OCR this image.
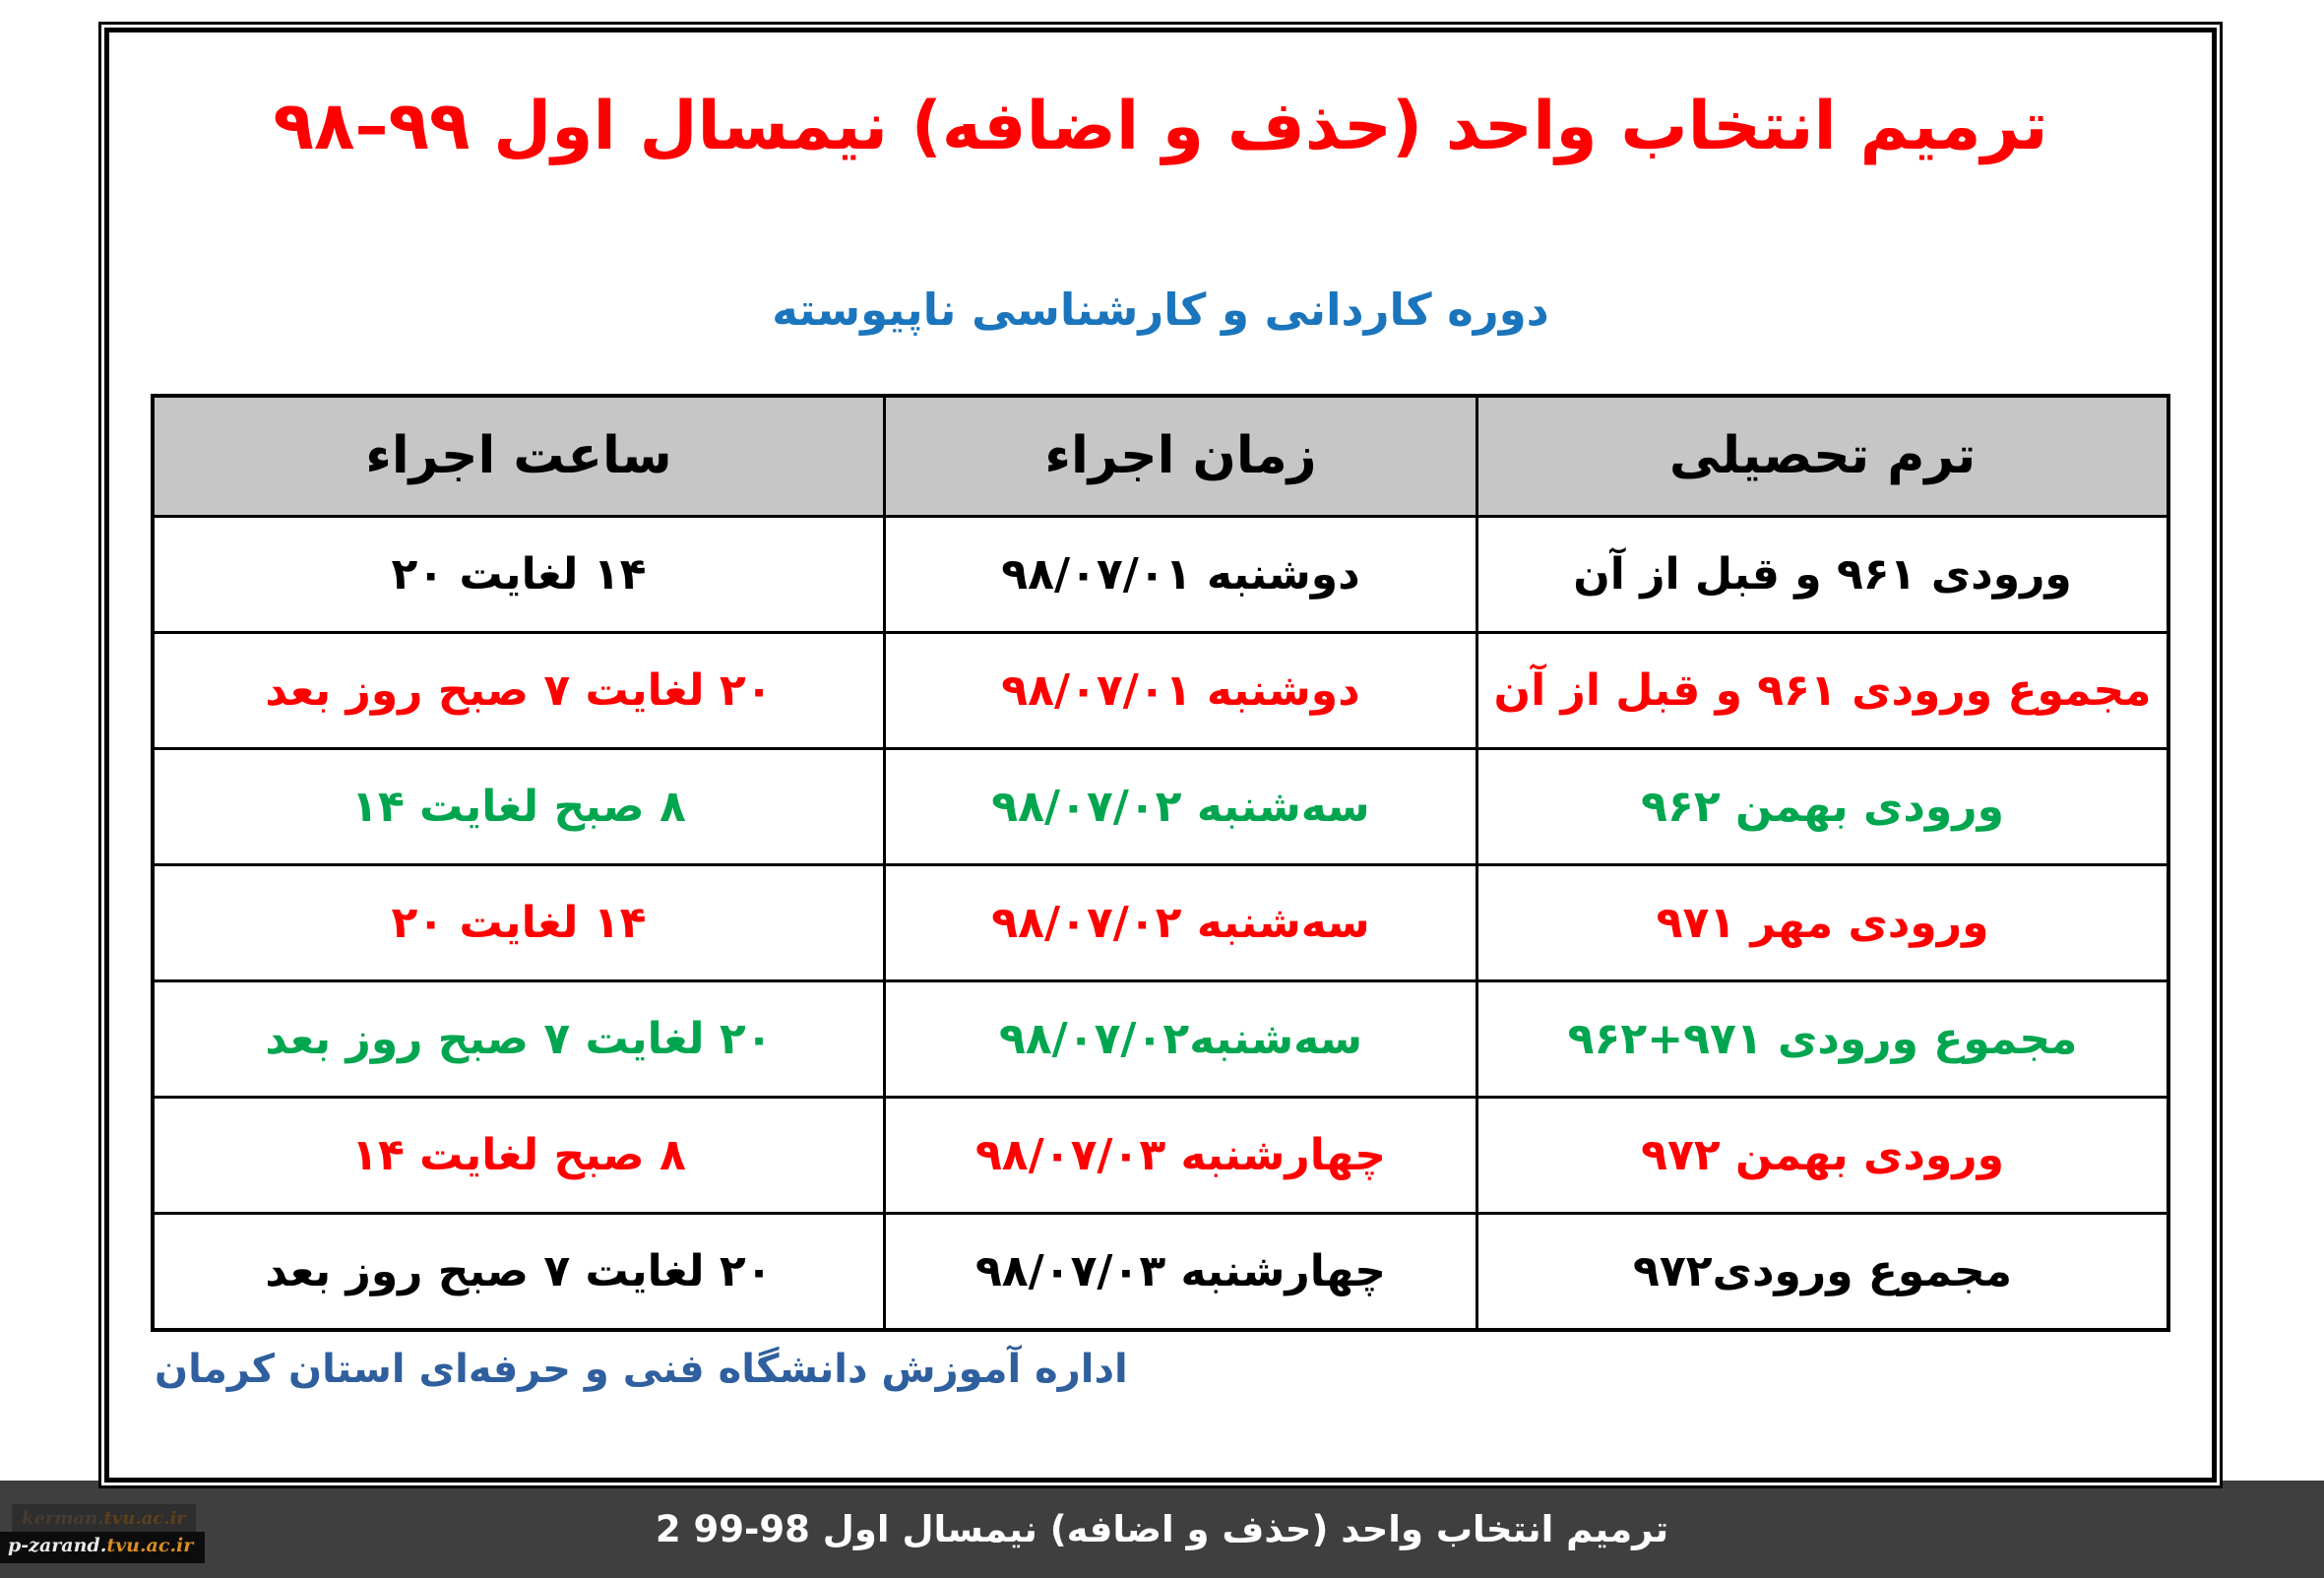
ترمیم انتخاب واحد (حذف و اضافه) نیمسال اول 98-99 2
ترمیم انتخاب واحد (حذف و اضافه) نیمسال اول ۹۹–۹۸
دوره کاردانی و کارشناسی ناپیوسته
ترم تحصیلی	زمان اجراء	ساعت اجراء
ورودی ۹۶۱ و قبل از آن	دوشنبه ۹۸/۰۷/۰۱	۱۴ لغایت ۲۰
مجموع ورودی ۹۶۱ و قبل از آن	دوشنبه ۹۸/۰۷/۰۱	۲۰ لغایت ۷ صبح روز بعد
ورودی بهمن ۹۶۲	سه‌شنبه ۹۸/۰۷/۰۲	۸ صبح لغایت ۱۴
ورودی مهر ۹۷۱	سه‌شنبه ۹۸/۰۷/۰۲	۱۴ لغایت ۲۰
مجموع ورودی ۹۷۱+۹۶۲	سه‌شنبه۹۸/۰۷/۰۲	۲۰ لغایت ۷ صبح روز بعد
ورودی بهمن ۹۷۲	چهارشنبه ۹۸/۰۷/۰۳	۸ صبح لغایت ۱۴
مجموع ورودی۹۷۲	چهارشنبه ۹۸/۰۷/۰۳	۲۰ لغایت ۷ صبح روز بعد
اداره آموزش دانشگاه فنی و حرفه‌ای استان کرمان
kerman.tvu.ac.ir
p-zarand.tvu.ac.ir
